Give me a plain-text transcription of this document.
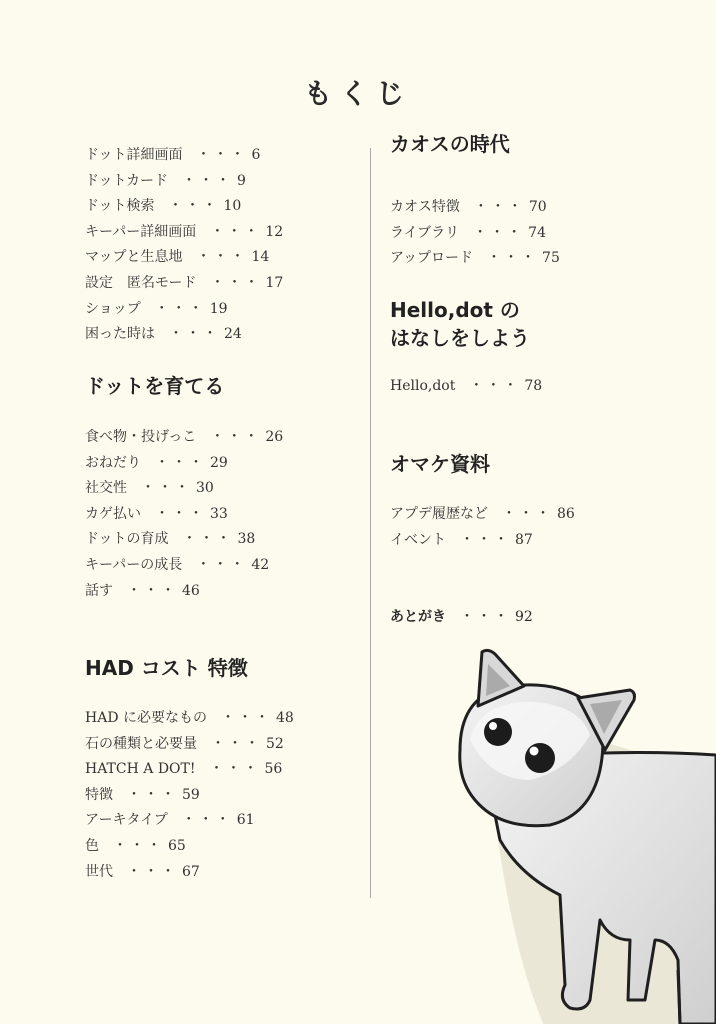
もくじ
ドット詳細画面 ・・・ 6
ドットカード ・・・ 9
ドット検索 ・・・ 10
キーパー詳細画面 ・・・ 12
マップと生息地 ・・・ 14
設定　匿名モード ・・・ 17
ショップ ・・・ 19
困った時は ・・・ 24
ドットを育てる
食べ物・投げっこ ・・・ 26
おねだり ・・・ 29
社交性 ・・・ 30
カゲ払い ・・・ 33
ドットの育成 ・・・ 38
キーパーの成長 ・・・ 42
話す ・・・ 46
HAD コスト 特徴
HAD に必要なもの ・・・ 48
石の種類と必要量 ・・・ 52
HATCH A DOT! ・・・ 56
特徴 ・・・ 59
アーキタイプ ・・・ 61
色 ・・・ 65
世代 ・・・ 67
カオスの時代
カオス特徴 ・・・ 70
ライブラリ ・・・ 74
アップロード ・・・ 75
Hello,dot の
はなしをしよう
Hello,dot ・・・ 78
オマケ資料
アプデ履歴など ・・・ 86
イベント ・・・ 87
あとがき ・・・ 92
